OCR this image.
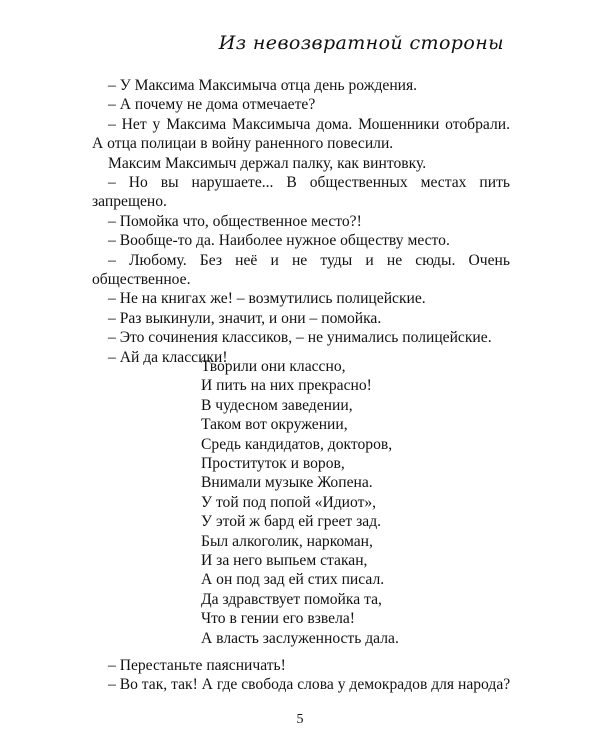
Из невозвратной стороны

– У Максима Максимыча отца день рождения.

– А почему не дома отмечаете?

– Нет у Максима Максимыча дома. Мошенники отобрали. А отца полицаи в войну раненного повесили.

Максим Максимыч держал палку, как винтовку.

– Но вы нарушаете... В общественных местах пить запрещено.

– Помойка что, общественное место?!

– Вообще-то да. Наиболее нужное обществу место.

– Любому. Без неё и не туды и не сюды. Очень общественное.

– Не на книгах же! – возмутились полицейские.

– Раз выкинули, значит, и они – помойка.

– Это сочинения классиков, – не унимались полицейские.

– Ай да классики!

Творили они классно,
И пить на них прекрасно!
В чудесном заведении,
Таком вот окружении,
Средь кандидатов, докторов,
Проституток и воров,
Внимали музыке Жопена.
У той под попой «Идиот»,
У этой ж бард ей греет зад.
Был алкоголик, наркоман,
И за него выпьем стакан,
А он под зад ей стих писал.
Да здравствует помойка та,
Что в гении его взвела!
А власть заслуженность дала.

– Перестаньте паясничать!

– Во так, так! А где свобода слова у демокрадов для народа?

5
